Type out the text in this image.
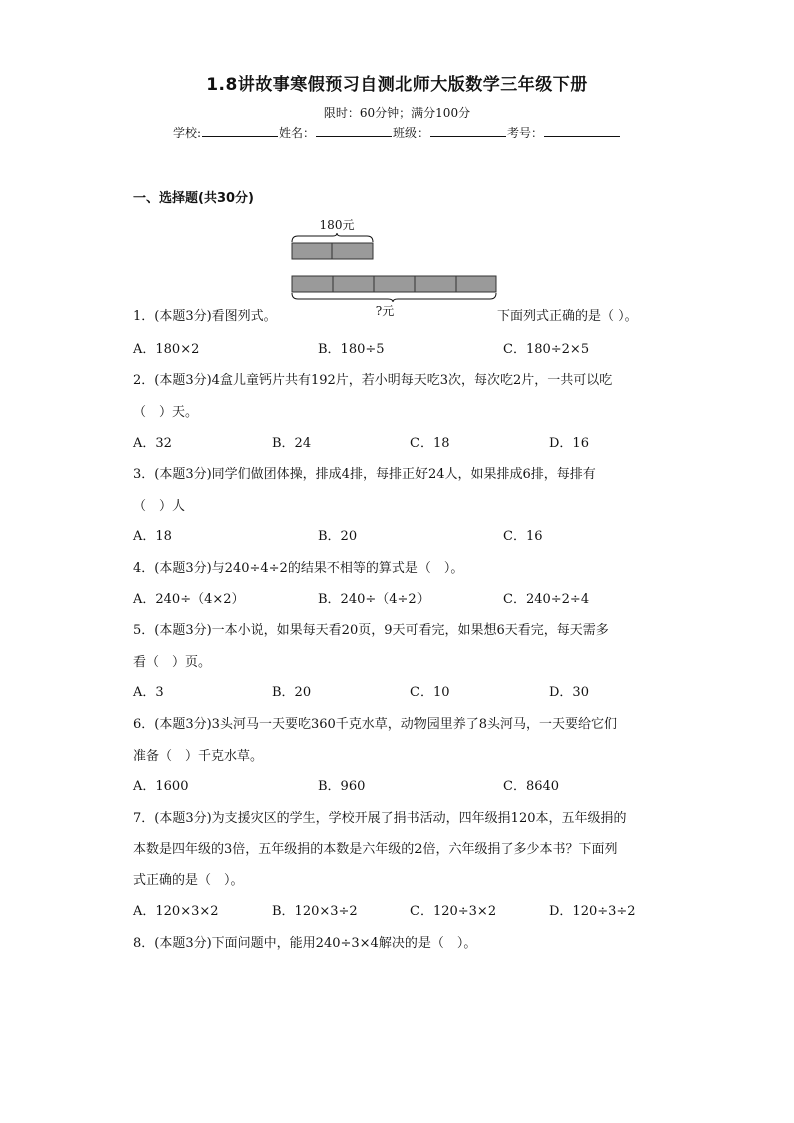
1.8讲故事寒假预习自测北师大版数学三年级下册
限时：60分钟；满分100分
学校:	姓名：	班级：	考号：
一、选择题(共30分)
180元
?元
1．(本题3分)看图列式。	下面列式正确的是（ ）。
A．180×2	B．180÷5	C．180÷2×5
2．(本题3分)4盒儿童钙片共有192片，若小明每天吃3次，每次吃2片，一共可以吃
（　）天。
A．32	B．24	C．18	D．16
3．(本题3分)同学们做团体操，排成4排，每排正好24人，如果排成6排，每排有
（　）人
A．18	B．20	C．16
4．(本题3分)与240÷4÷2的结果不相等的算式是（　）。
A．240÷（4×2）	B．240÷（4÷2）	C．240÷2÷4
5．(本题3分)一本小说，如果每天看20页，9天可看完，如果想6天看完，每天需多
看（　）页。
A．3	B．20	C．10	D．30
6．(本题3分)3头河马一天要吃360千克水草，动物园里养了8头河马，一天要给它们
准备（　）千克水草。
A．1600	B．960	C．8640
7．(本题3分)为支援灾区的学生，学校开展了捐书活动，四年级捐120本，五年级捐的
本数是四年级的3倍，五年级捐的本数是六年级的2倍，六年级捐了多少本书？下面列
式正确的是（　）。
A．120×3×2	B．120×3÷2	C．120÷3×2	D．120÷3÷2
8．(本题3分)下面问题中，能用240÷3×4解决的是（　）。
